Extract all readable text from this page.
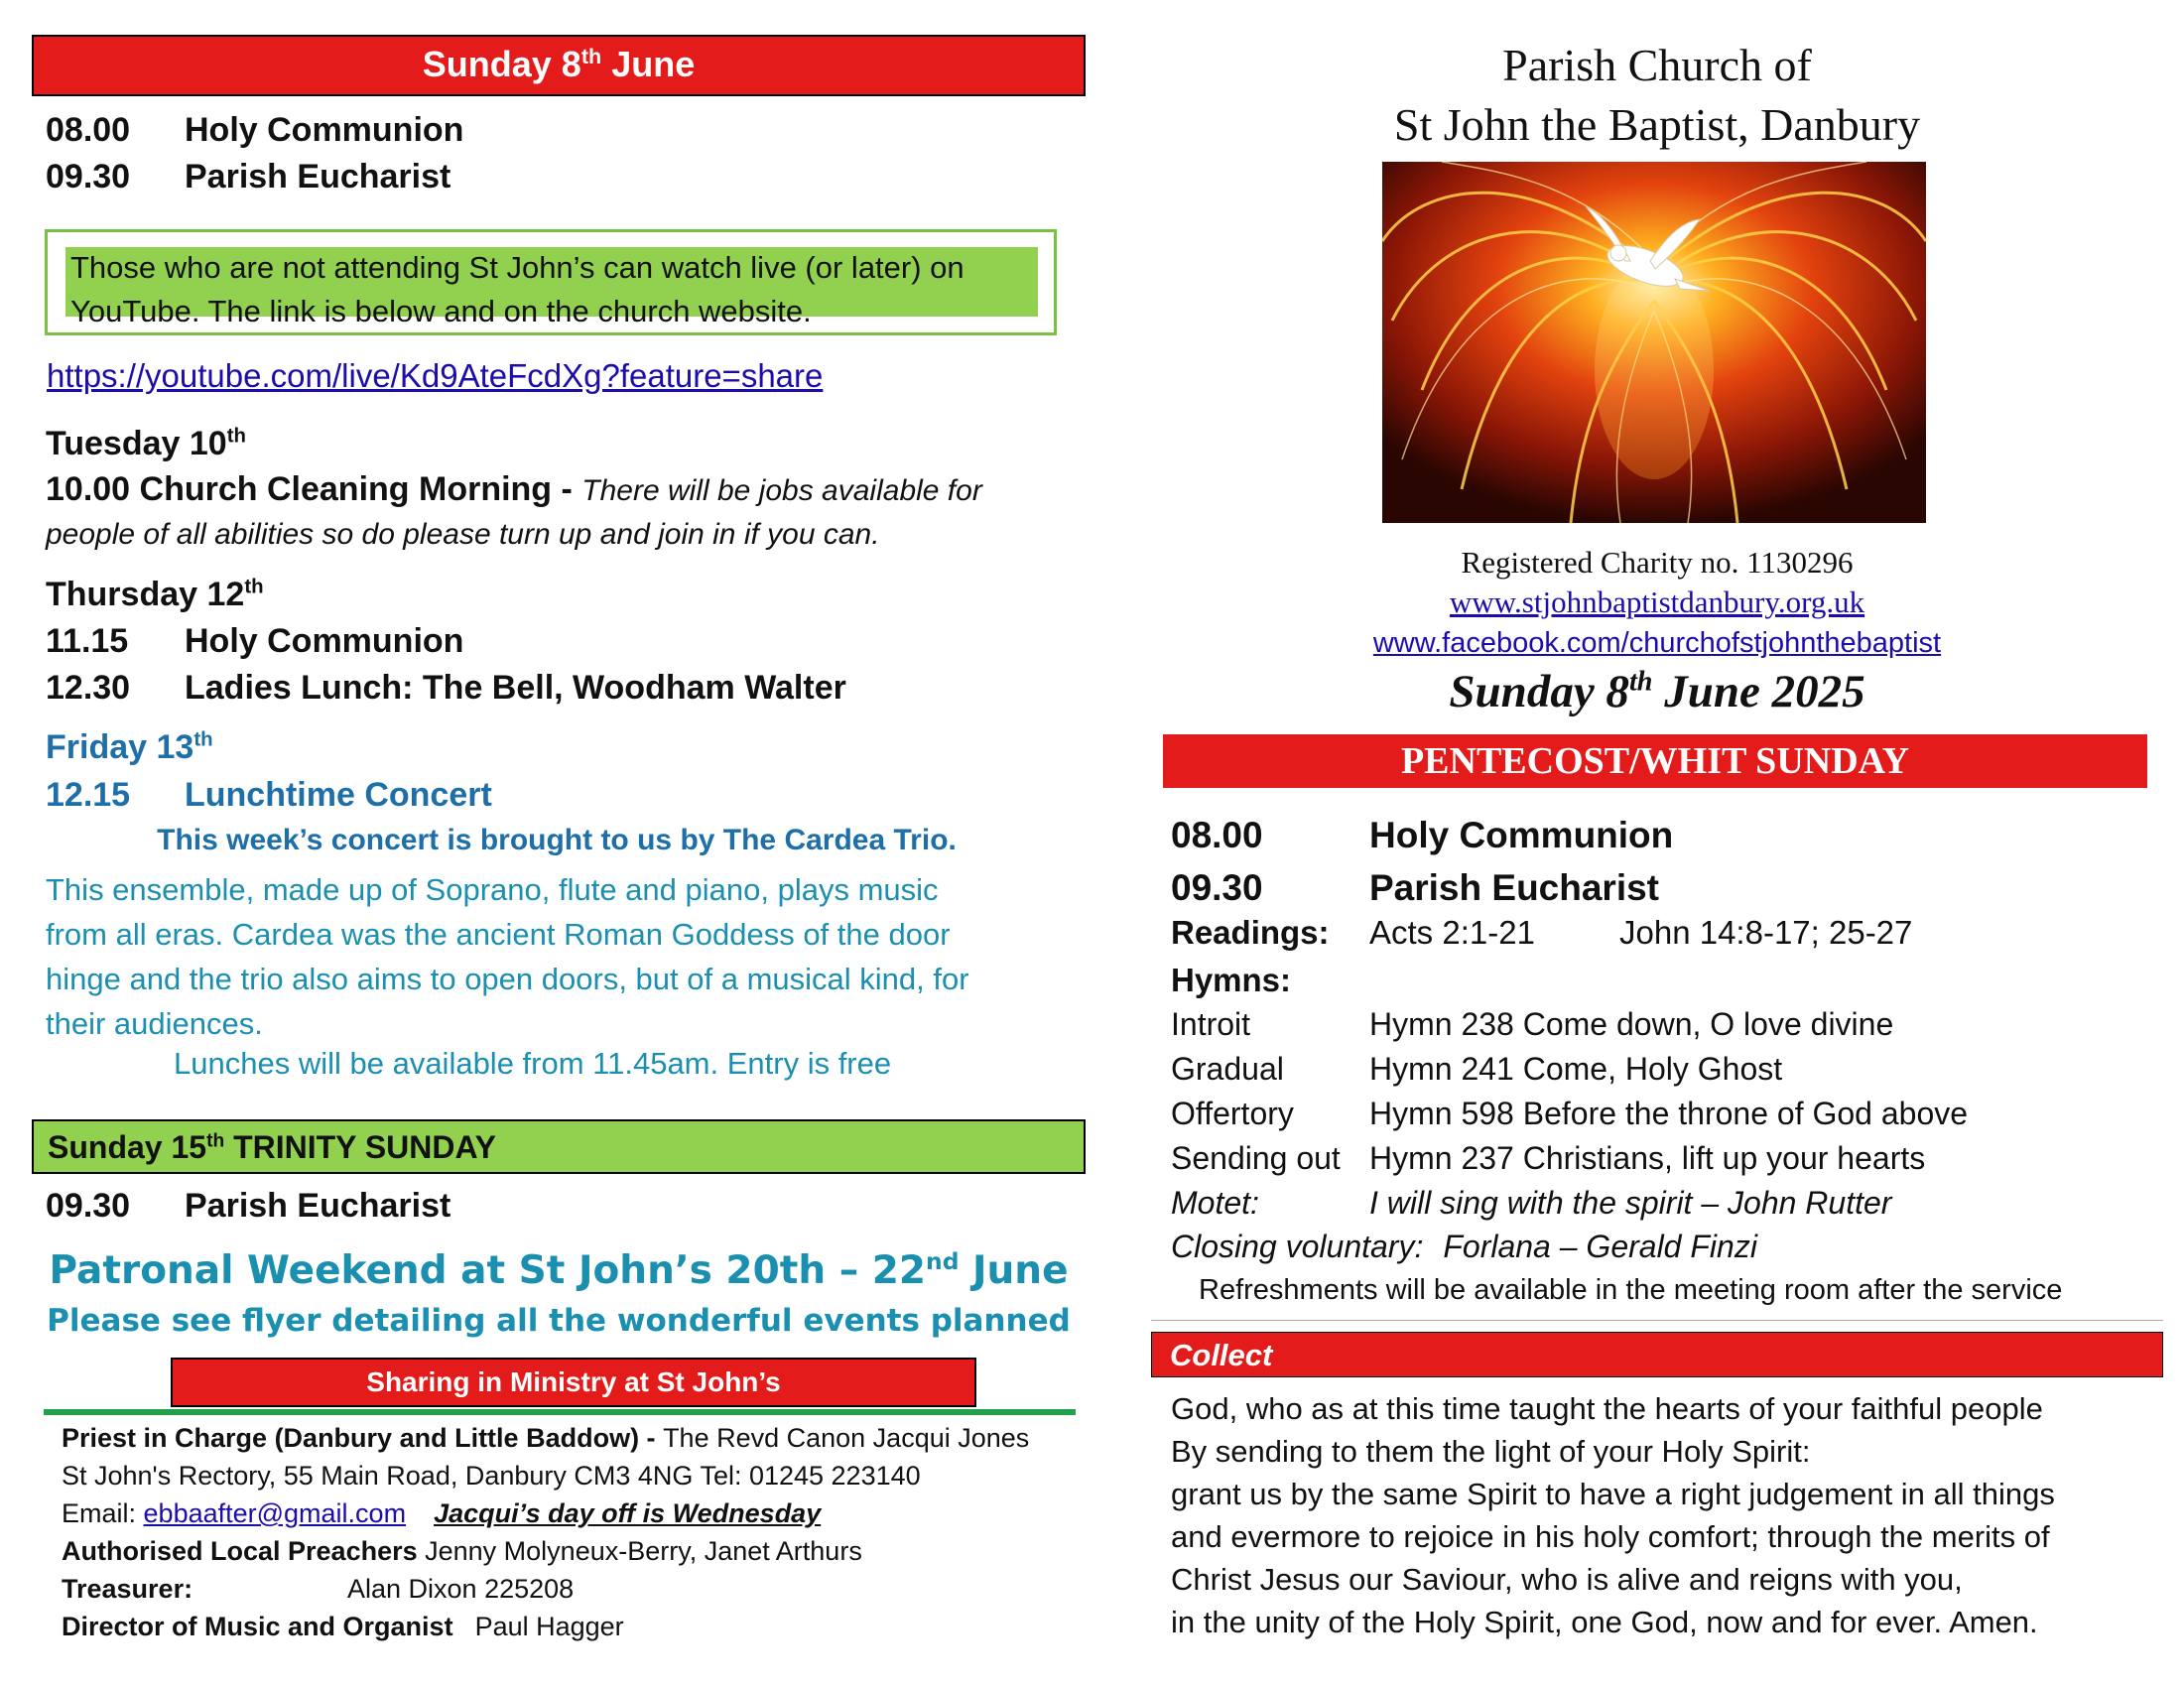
Sunday 8th June
08.00 Holy Communion
09.30 Parish Eucharist
Those who are not attending St John’s can watch live (or later) on
YouTube. The link is below and on the church website.
https://youtube.com/live/Kd9AteFcdXg?feature=share
Tuesday 10th
10.00 Church Cleaning Morning - There will be jobs available for
people of all abilities so do please turn up and join in if you can.
Thursday 12th
11.15 Holy Communion
12.30 Ladies Lunch: The Bell, Woodham Walter
Friday 13th
12.15 Lunchtime Concert
This week’s concert is brought to us by The Cardea Trio.
This ensemble, made up of Soprano, flute and piano, plays music
from all eras. Cardea was the ancient Roman Goddess of the door
hinge and the trio also aims to open doors, but of a musical kind, for
their audiences.
Lunches will be available from 11.45am. Entry is free
Sunday 15th TRINITY SUNDAY
09.30 Parish Eucharist
Patronal Weekend at St John’s 20th – 22nd June
Please see flyer detailing all the wonderful events planned
Sharing in Ministry at St John’s
Priest in Charge (Danbury and Little Baddow) - The Revd Canon Jacqui Jones
St John's Rectory, 55 Main Road, Danbury CM3 4NG Tel: 01245 223140
Email: ebbaafter@gmail.com Jacqui’s day off is Wednesday
Authorised Local Preachers Jenny Molyneux-Berry, Janet Arthurs
Treasurer:	Alan Dixon 225208
Director of Music and Organist Paul Hagger
Parish Church of
St John the Baptist, Danbury
Registered Charity no. 1130296
www.stjohnbaptistdanbury.org.uk
www.facebook.com/churchofstjohnthebaptist
Sunday 8th June 2025
PENTECOST/WHIT SUNDAY
08.00	Holy Communion
09.30	Parish Eucharist
Readings: Acts 2:1-21	John 14:8-17; 25-27
Hymns:
Introit	Hymn 238 Come down, O love divine
Gradual	Hymn 241 Come, Holy Ghost
Offertory Hymn 598 Before the throne of God above
Sending out Hymn 237 Christians, lift up your hearts
Motet:	I will sing with the spirit – John Rutter
Closing voluntary: Forlana – Gerald Finzi
Refreshments will be available in the meeting room after the service
Collect
God, who as at this time taught the hearts of your faithful people
By sending to them the light of your Holy Spirit:
grant us by the same Spirit to have a right judgement in all things
and evermore to rejoice in his holy comfort; through the merits of
Christ Jesus our Saviour, who is alive and reigns with you,
in the unity of the Holy Spirit, one God, now and for ever. Amen.
